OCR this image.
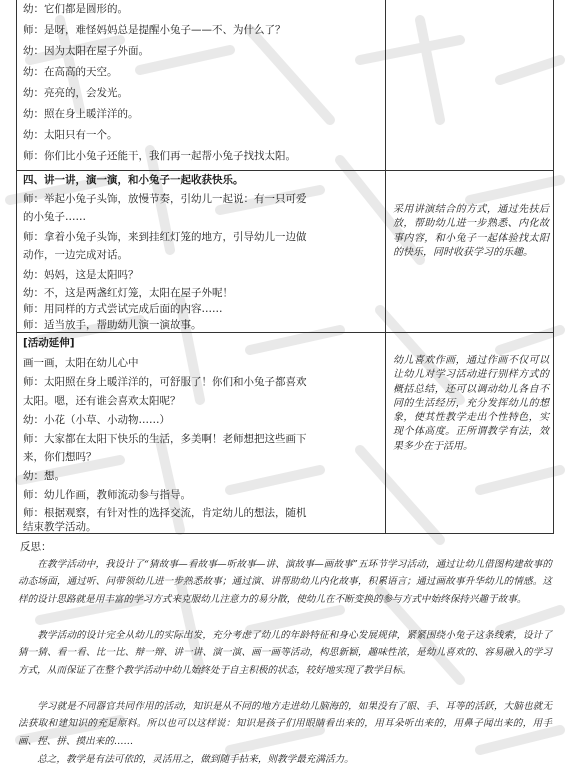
幼：它们都是圆形的。
师：是呀，难怪妈妈总是提醒小兔子——不、为什么了？
幼：因为太阳在屋子外面。
幼：在高高的天空。
幼：亮亮的，会发光。
幼：照在身上暖洋洋的。
幼：太阳只有一个。
师：你们比小兔子还能干，我们再一起帮小兔子找找太阳。
四、讲一讲，演一演，和小兔子一起收获快乐。
师：举起小兔子头饰，放慢节奏，引幼儿一起说：有一只可爱
的小兔子……
师：拿着小兔子头饰，来到挂红灯笼的地方，引导幼儿一边做
动作，一边完成对话。
幼：妈妈，这是太阳吗？
幼：不，这是两盏红灯笼，太阳在屋子外呢！
师：用同样的方式尝试完成后面的内容……
师：适当放手，帮助幼儿演一演故事。
采用讲演结合的方式，通过先扶后放，帮助幼儿进一步熟悉、内化故事内容，和小兔子一起体验找太阳的快乐，同时收获学习的乐趣。
[活动延伸]
画一画，太阳在幼儿心中
师：太阳照在身上暖洋洋的，可舒服了！你们和小兔子都喜欢
太阳。嗯，还有谁会喜欢太阳呢？
幼：小花（小草、小动物……）
师：大家都在太阳下快乐的生活，多美啊！老师想把这些画下
来，你们想吗？
幼：想。
师：幼儿作画，教师流动参与指导。
师：根据观察，有针对性的选择交流，肯定幼儿的想法，随机
结束教学活动。
幼儿喜欢作画，通过作画不仅可以让幼儿对学习活动进行别样方式的概括总结，还可以调动幼儿各自不同的生活经历，充分发挥幼儿的想象，使其性教学走出个性特色，实现个体高度。正所谓教学有法，效果多少在于活用。
反思：

在教学活动中，我设计了“猜故事—看故事—听故事—讲、演故事—画故事”五环节学习活动，通过让幼儿借图构建故事的动态场面，通过听、问带领幼儿进一步熟悉故事；通过演、讲帮助幼儿内化故事，积累语言；通过画故事升华幼儿的情感。这样的设计思路就是用丰富的学习方式来克服幼儿注意力的易分散，使幼儿在不断变换的参与方式中始终保持兴趣于故事。

教学活动的设计完全从幼儿的实际出发，充分考虑了幼儿的年龄特征和身心发展规律，紧紧围绕小兔子这条线索，设计了猜一猜、看一看、比一比、辩一辩、讲一讲、演一演、画一画等活动，构思新颖，趣味性浓，是幼儿喜欢的、容易融入的学习方式，从而保证了在整个教学活动中幼儿始终处于自主积极的状态，较好地实现了教学目标。

学习就是不同器官共同作用的活动，知识是从不同的地方走进幼儿脑海的，如果没有了眼、手、耳等的活跃，大脑也就无法获取和建知识的充足原料。所以也可以这样说：知识是孩子们用眼睛看出来的，用耳朵听出来的，用鼻子闻出来的，用手画、捏、拼、摸出来的……

总之，教学是有法可依的，灵活用之，做到随手拈来，则教学最充满活力。
